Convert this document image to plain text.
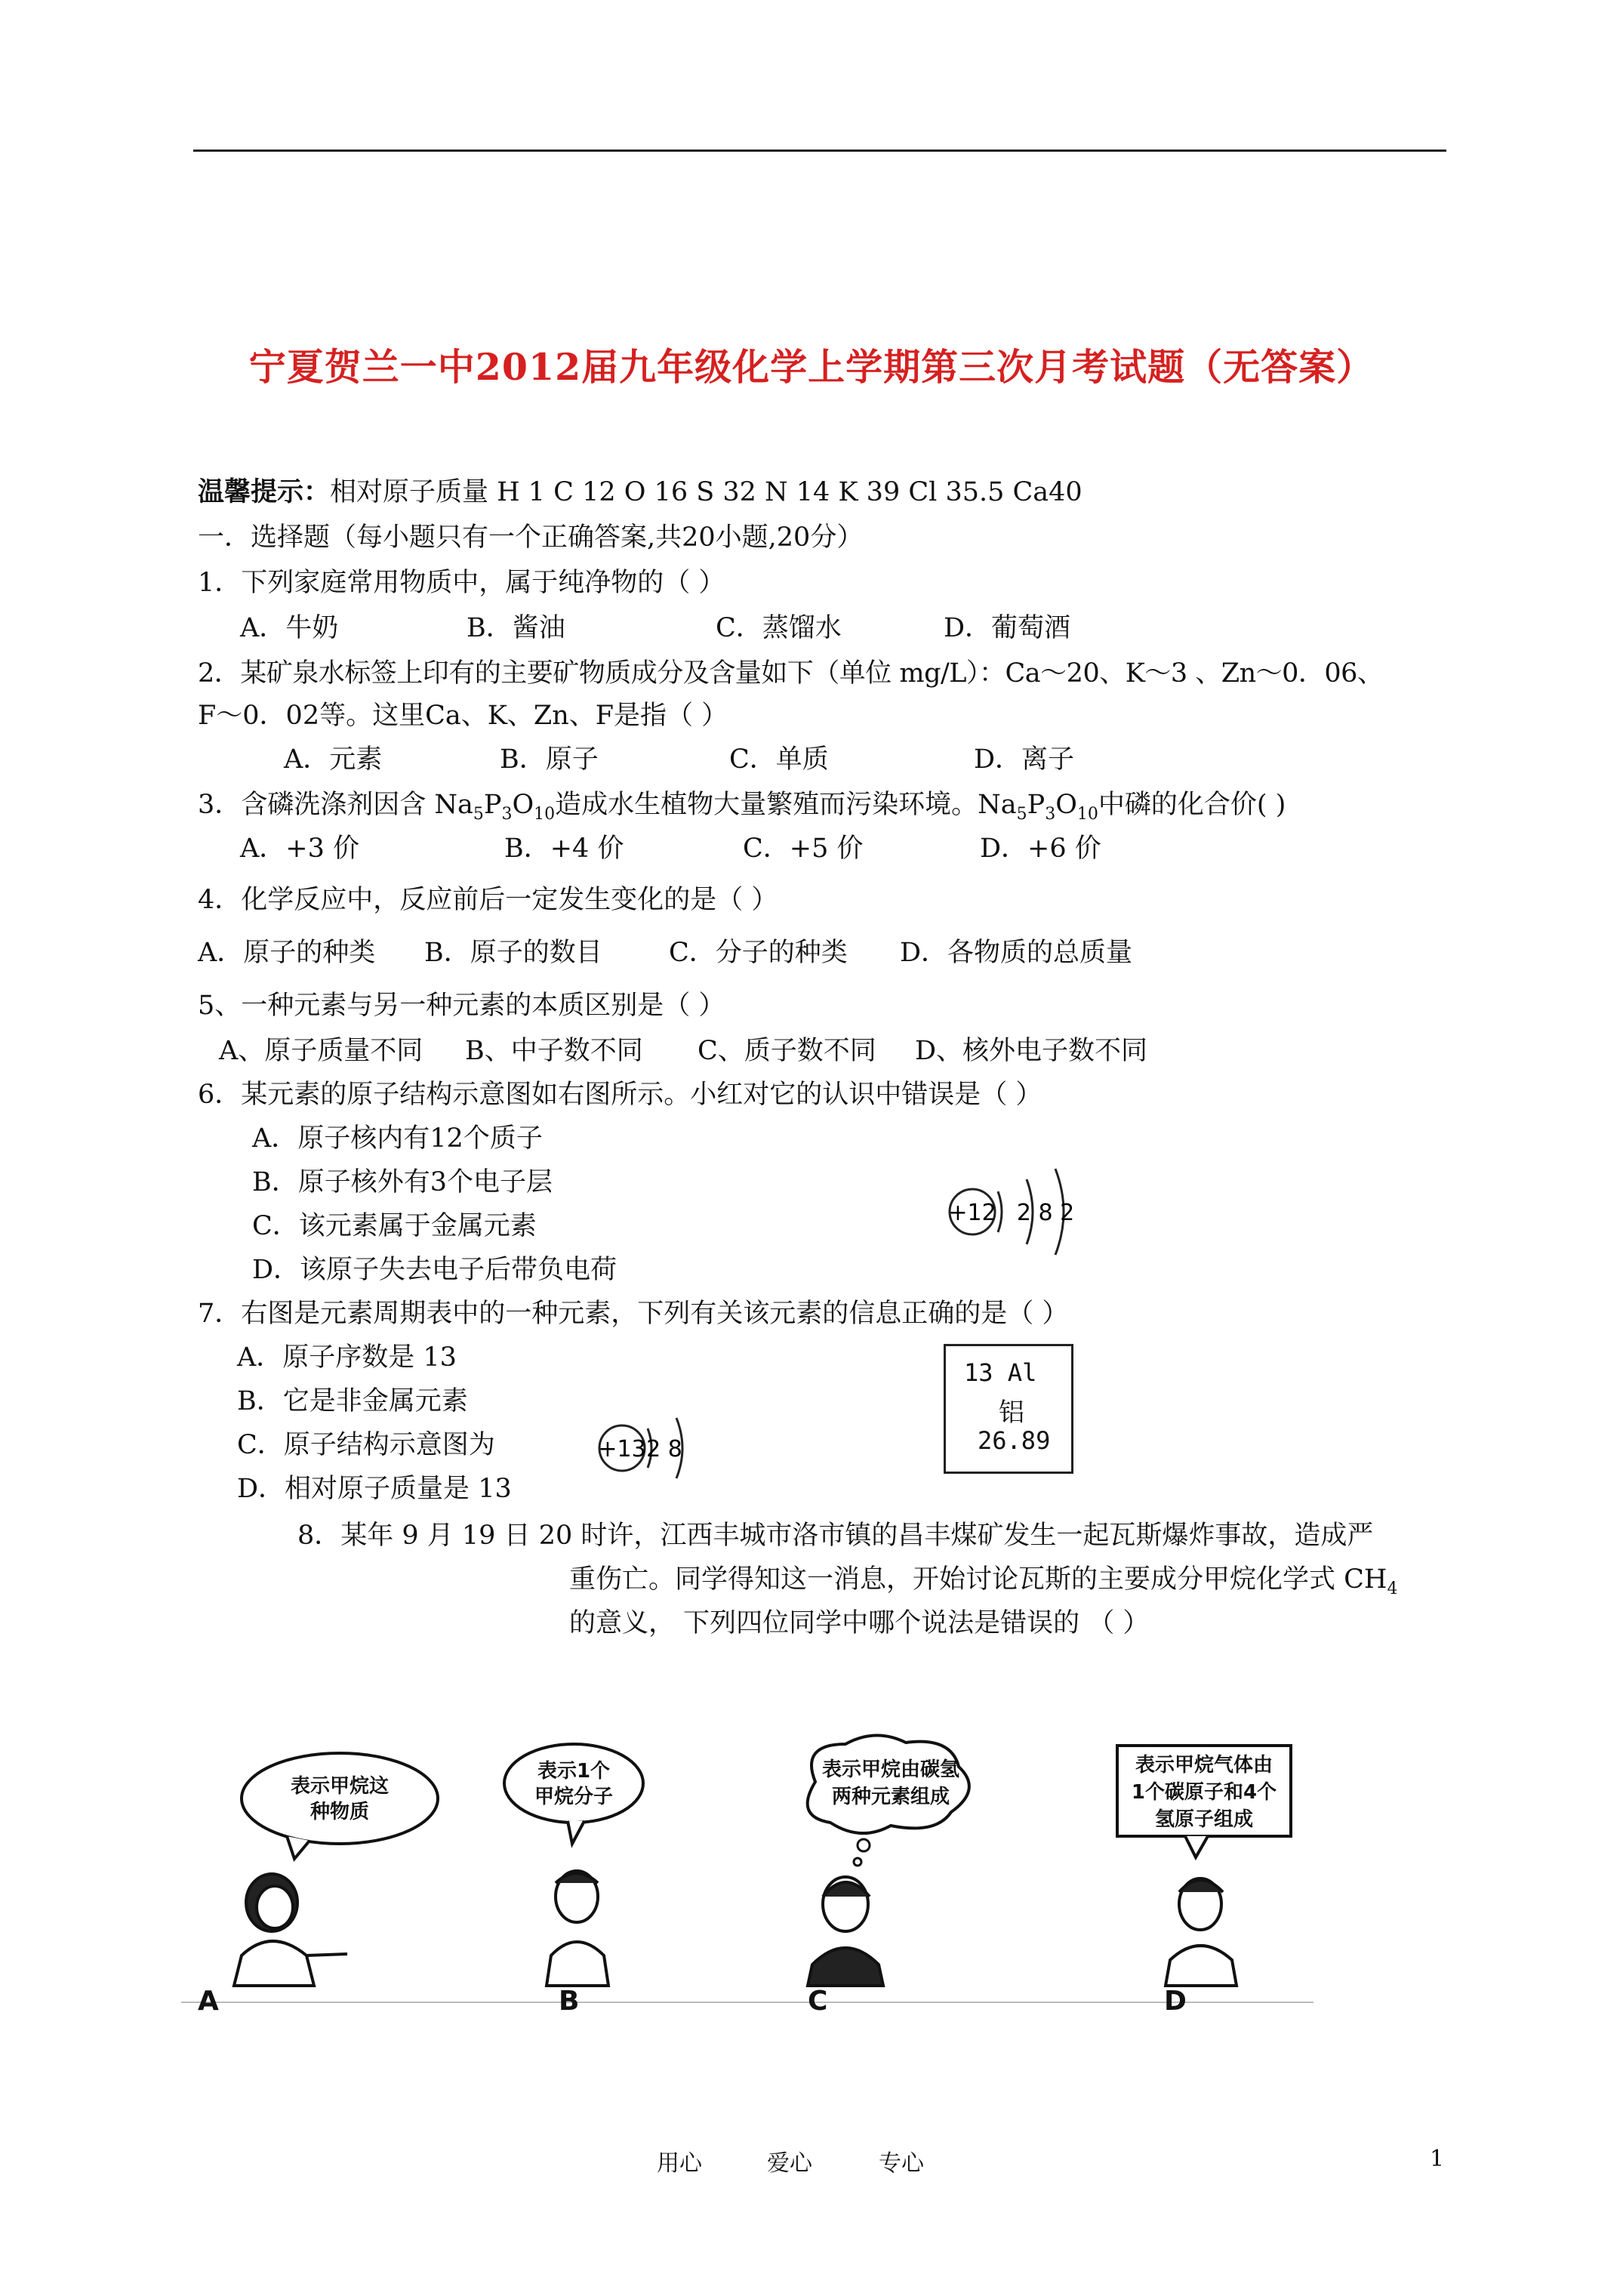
宁夏贺兰一中2012届九年级化学上学期第三次月考试题（无答案）
温馨提示：相对原子质量 H 1 C 12 O 16 S 32 N 14 K 39 Cl 35.5 Ca40
一．选择题（每小题只有一个正确答案,共20小题,20分）
1．下列家庭常用物质中，属于纯净物的（ ）
A．牛奶	B．酱油	C．蒸馏水	D．葡萄酒
2．某矿泉水标签上印有的主要矿物质成分及含量如下（单位 mg/L）：Ca～20、K～3 、Zn～0．06、
F～0．02等。这里Ca、K、Zn、F是指（ ）
A．元素	B．原子	C．单质	D．离子
3．含磷洗涤剂因含 $Na_5P_3O_{10}$造成水生植物大量繁殖而污染环境。$Na_5P_3O_{10}$中磷的化合价( )
A．+3 价	B．+4 价	C．+5 价	D．+6 价
4．化学反应中，反应前后一定发生变化的是（ ）
A．原子的种类 B．原子的数目	C．分子的种类 D．各物质的总质量
5、一种元素与另一种元素的本质区别是（ ）
A、原子质量不同 B、中子数不同 C、质子数不同 D、核外电子数不同
6．某元素的原子结构示意图如右图所示。小红对它的认识中错误是（ ）
A．原子核内有12个质子
B．原子核外有3个电子层
C．该元素属于金属元素
D．该原子失去电子后带负电荷
+12 2 8 2
7．右图是元素周期表中的一种元素，下列有关该元素的信息正确的是（ ）
A．原子序数是 13
B．它是非金属元素
C．原子结构示意图为
D．相对原子质量是 13
+13 2 8
13 Al
铝
26.89
8．某年 9 月 19 日 20 时许，江西丰城市洛市镇的昌丰煤矿发生一起瓦斯爆炸事故，造成严
重伤亡。同学得知这一消息，开始讨论瓦斯的主要成分甲烷化学式 $CH_4$
的意义， 下列四位同学中哪个说法是错误的 （ ）
表示甲烷这
种物质
表示1个
甲烷分子
表示甲烷由碳氢
两种元素组成
表示甲烷气体由
1个碳原子和4个
氢原子组成
A	B	C	D
用心	爱心	专心	1
